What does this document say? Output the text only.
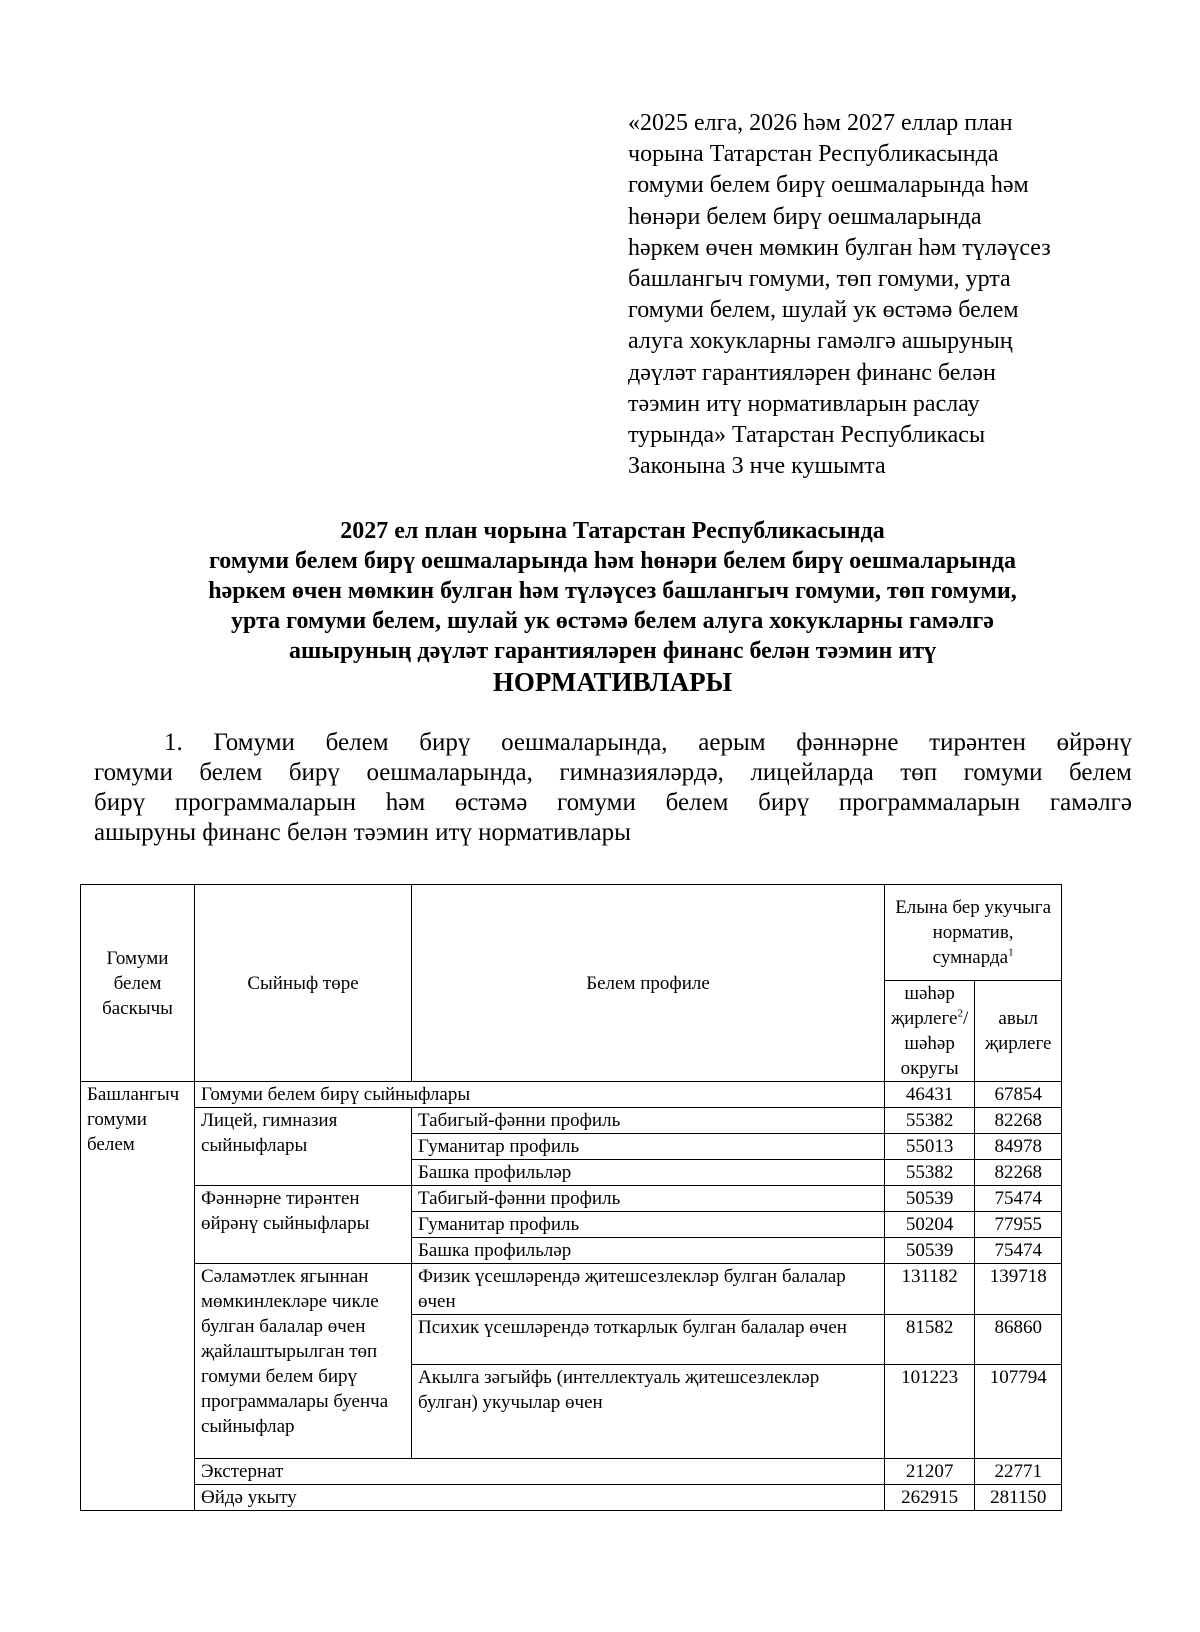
«2025 елга, 2026 һәм 2027 еллар план
чорына Татарстан Республикасында
гомуми белем бирү оешмаларында һәм
һөнәри белем бирү оешмаларында
һәркем өчен мөмкин булган һәм түләүсез
башлангыч гомуми, төп гомуми, урта
гомуми белем, шулай ук өстәмә белем
алуга хокукларны гамәлгә ашыруның
дәүләт гарантияләрен финанс белән
тәэмин итү нормативларын раслау
турында» Татарстан Республикасы
Законына 3 нче кушымта
2027 ел план чорына Татарстан Республикасында
гомуми белем бирү оешмаларында һәм һөнәри белем бирү оешмаларында
һәркем өчен мөмкин булган һәм түләүсез башлангыч гомуми, төп гомуми,
урта гомуми белем, шулай ук өстәмә белем алуга хокукларны гамәлгә
ашыруның дәүләт гарантияләрен финанс белән тәэмин итү
НОРМАТИВЛАРЫ
1. Гомуми белем бирү оешмаларында, аерым фәннәрне тирәнтен өйрәнү
гомуми белем бирү оешмаларында, гимназияләрдә, лицейларда төп гомуми белем
бирү программаларын һәм өстәмә гомуми белем бирү программаларын гамәлгә
ашыруны финанс белән тәэмин итү нормативлары
Гомуми белем баскычы	Сыйныф төре	Белем профиле	Елына бер укучыга норматив, сумнарда$^1$
			шәһәр җирлеге$^2$/ шәһәр округы	авыл җирлеге
Башлангыч гомуми белем	Гомуми белем бирү сыйныфлары		46431	67854
	Лицей, гимназия сыйныфлары	Табигый-фәнни профиль	55382	82268
		Гуманитар профиль	55013	84978
		Башка профильләр	55382	82268
	Фәннәрне тирәнтен өйрәнү сыйныфлары	Табигый-фәнни профиль	50539	75474
		Гуманитар профиль	50204	77955
		Башка профильләр	50539	75474
	Сәламәтлек ягыннан мөмкинлекләре чикле булган балалар өчен җайлаштырылган төп гомуми белем бирү программалары буенча сыйныфлар	Физик үсешләрендә җитешсезлекләр булган балалар өчен	131182	139718
		Психик үсешләрендә тоткарлык булган балалар өчен	81582	86860
		Акылга зәгыйфь (интеллектуаль җитешсезлекләр булган) укучылар өчен	101223	107794
	Экстернат		21207	22771
	Өйдә укыту		262915	281150
